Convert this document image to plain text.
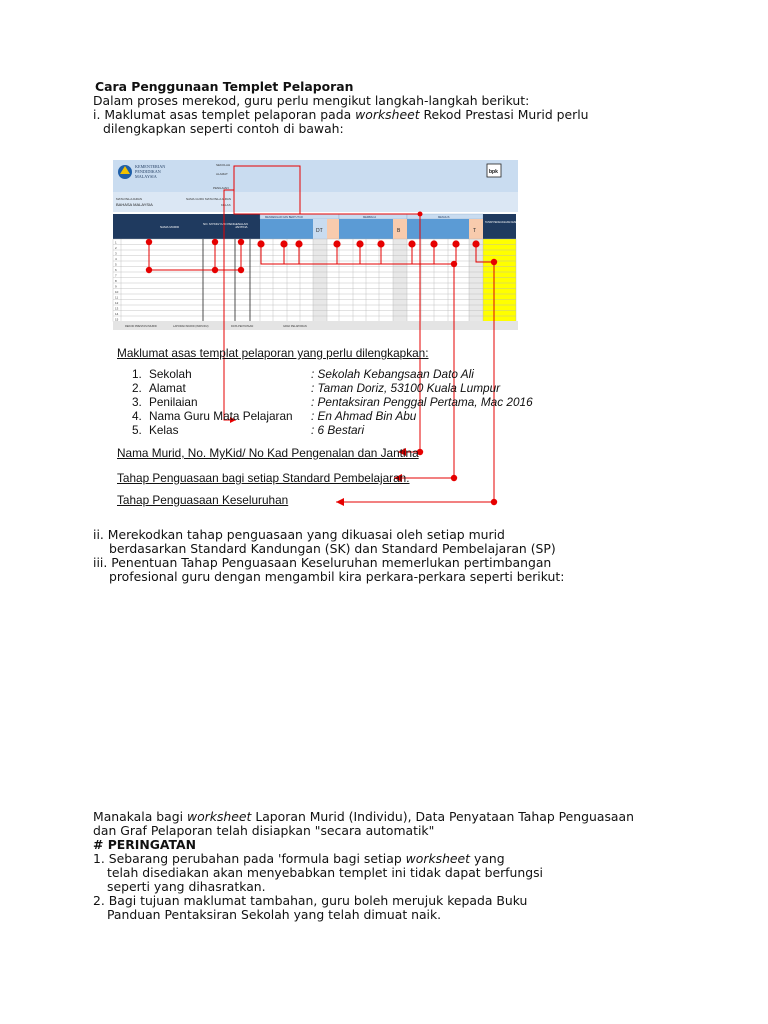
Cara Penggunaan Templet Pelaporan
Dalam proses merekod, guru perlu mengikut langkah-langkah berikut:
i. Maklumat asas templet pelaporan pada worksheet Rekod Prestasi Murid perlu
dilengkapkan seperti contoh di bawah:
KEMENTERIAN
PENDIDIKAN
MALAYSIA
SEKOLAH
ALAMAT
PENILAIAN
MATA PELAJARAN
BAHASA MALAYSIA
NAMA GURU MATA PELAJARAN
KELAS
bpk
NAMA MURID
NO. MYKID/ KAD PENGENALAN
JANTINA
MENDENGAR DAN BERTUTUR	MEMBACA	MENULIS
DT	B	T
TAHAP PENGUASAAN KESELURUHAN
1
2
3
4
5
6
7
8
9
10
11
12
13
14
15
REKOD PRESTASI MURID	LAPORAN MURID (INDIVIDU)	DATA PENYATAAN	GRAF PELAPORAN
Maklumat asas templat pelaporan yang perlu dilengkapkan:
1. Sekolah	: Sekolah Kebangsaan Dato Ali
2. Alamat	: Taman Doriz, 53100 Kuala Lumpur
3. Penilaian	: Pentaksiran Penggal Pertama, Mac 2016
4. Nama Guru Mata Pelajaran : En Ahmad Bin Abu
5. Kelas	: 6 Bestari
Nama Murid, No. MyKid/ No Kad Pengenalan dan Jantina
Tahap Penguasaan bagi setiap Standard Pembelajaran.
Tahap Penguasaan Keseluruhan
ii. Merekodkan tahap penguasaan yang dikuasai oleh setiap murid
berdasarkan Standard Kandungan (SK) dan Standard Pembelajaran (SP)
iii. Penentuan Tahap Penguasaan Keseluruhan memerlukan pertimbangan
profesional guru dengan mengambil kira perkara-perkara seperti berikut:
Manakala bagi worksheet Laporan Murid (Individu), Data Penyataan Tahap Penguasaan
dan Graf Pelaporan telah disiapkan "secara automatik"
# PERINGATAN
1. Sebarang perubahan pada 'formula bagi setiap worksheet yang
telah disediakan akan menyebabkan templet ini tidak dapat berfungsi
seperti yang dihasratkan.
2. Bagi tujuan maklumat tambahan, guru boleh merujuk kepada Buku
Panduan Pentaksiran Sekolah yang telah dimuat naik.
